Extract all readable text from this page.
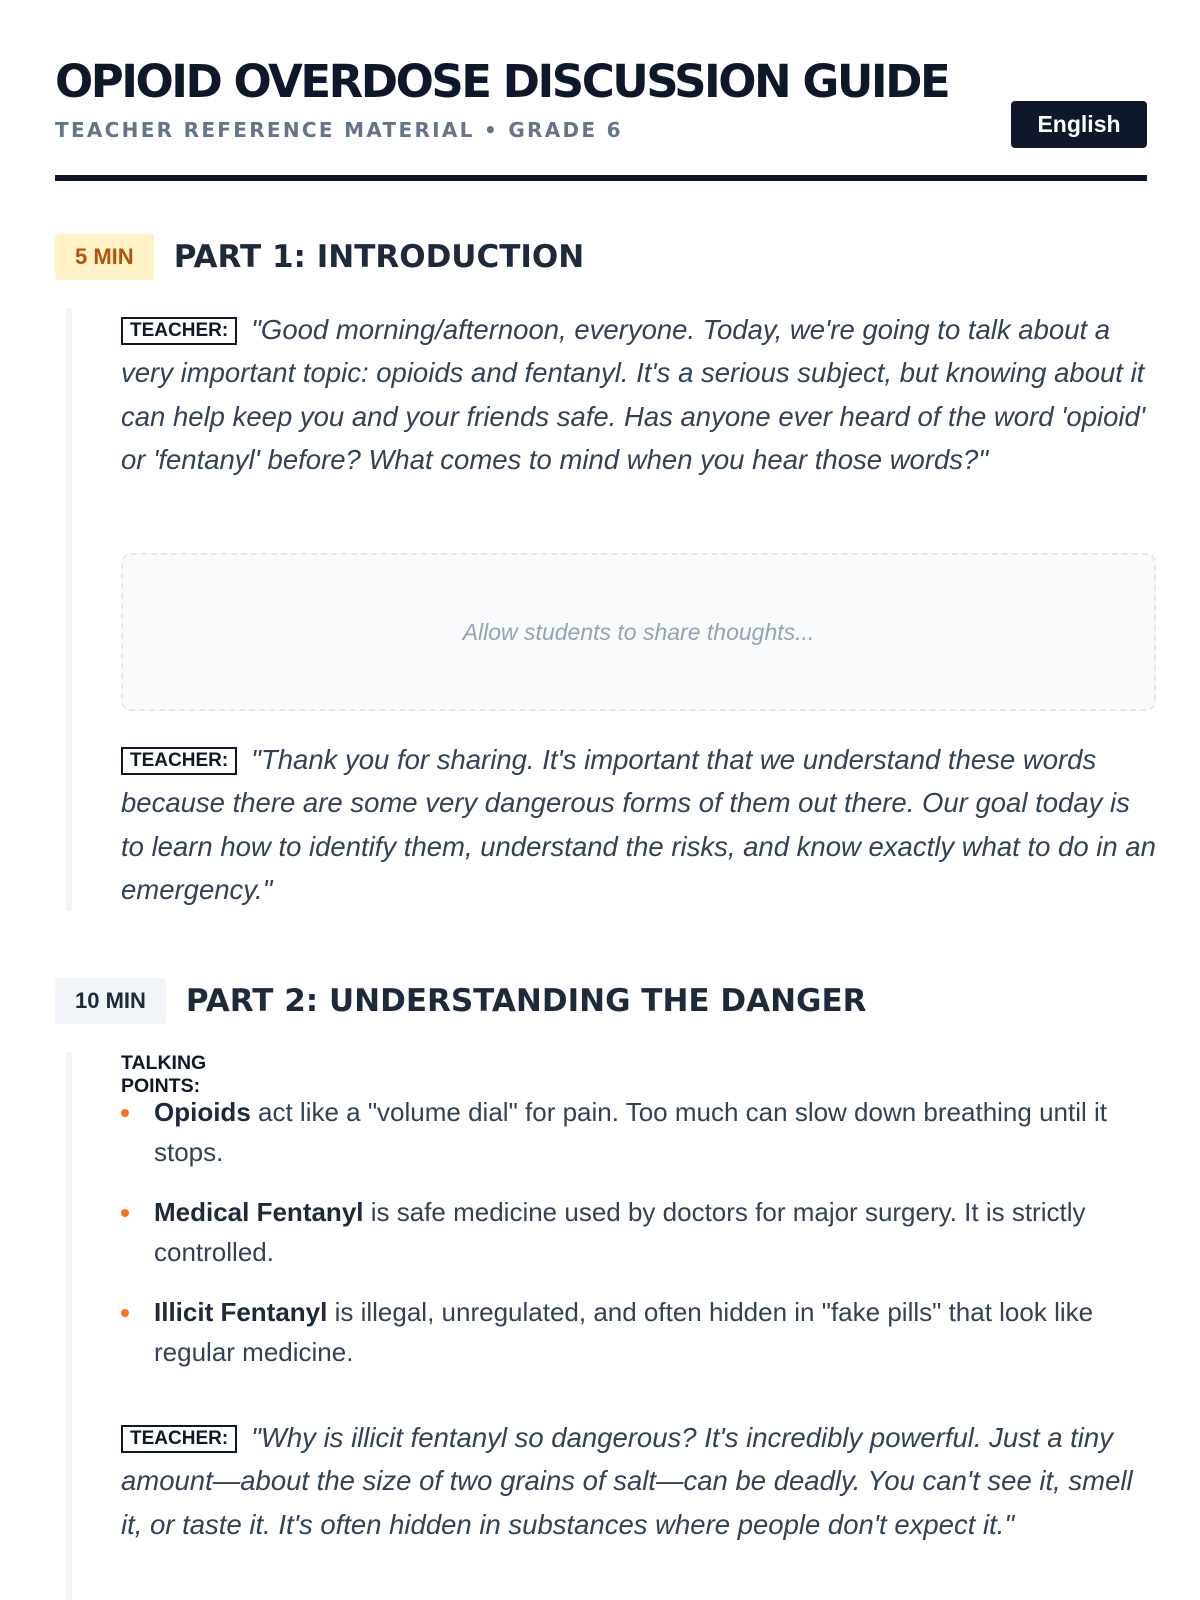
OPIOID OVERDOSE DISCUSSION GUIDE
TEACHER REFERENCE MATERIAL • GRADE 6	English
5 MIN	PART 1: INTRODUCTION

TEACHER: "Good morning/afternoon, everyone. Today, we're going to talk about a very important topic: opioids and fentanyl. It's a serious subject, but knowing about it can help keep you and your friends safe. Has anyone ever heard of the word 'opioid' or 'fentanyl' before? What comes to mind when you hear those words?"

Allow students to share thoughts...

TEACHER: "Thank you for sharing. It's important that we understand these words because there are some very dangerous forms of them out there. Our goal today is to learn how to identify them, understand the risks, and know exactly what to do in an emergency."

10 MIN	PART 2: UNDERSTANDING THE DANGER
TALKING POINTS:
Opioids act like a "volume dial" for pain. Too much can slow down breathing until it stops.
Medical Fentanyl is safe medicine used by doctors for major surgery. It is strictly controlled.
Illicit Fentanyl is illegal, unregulated, and often hidden in "fake pills" that look like regular medicine.

TEACHER: "Why is illicit fentanyl so dangerous? It's incredibly powerful. Just a tiny amount—about the size of two grains of salt—can be deadly. You can't see it, smell it, or taste it. It's often hidden in substances where people don't expect it."
